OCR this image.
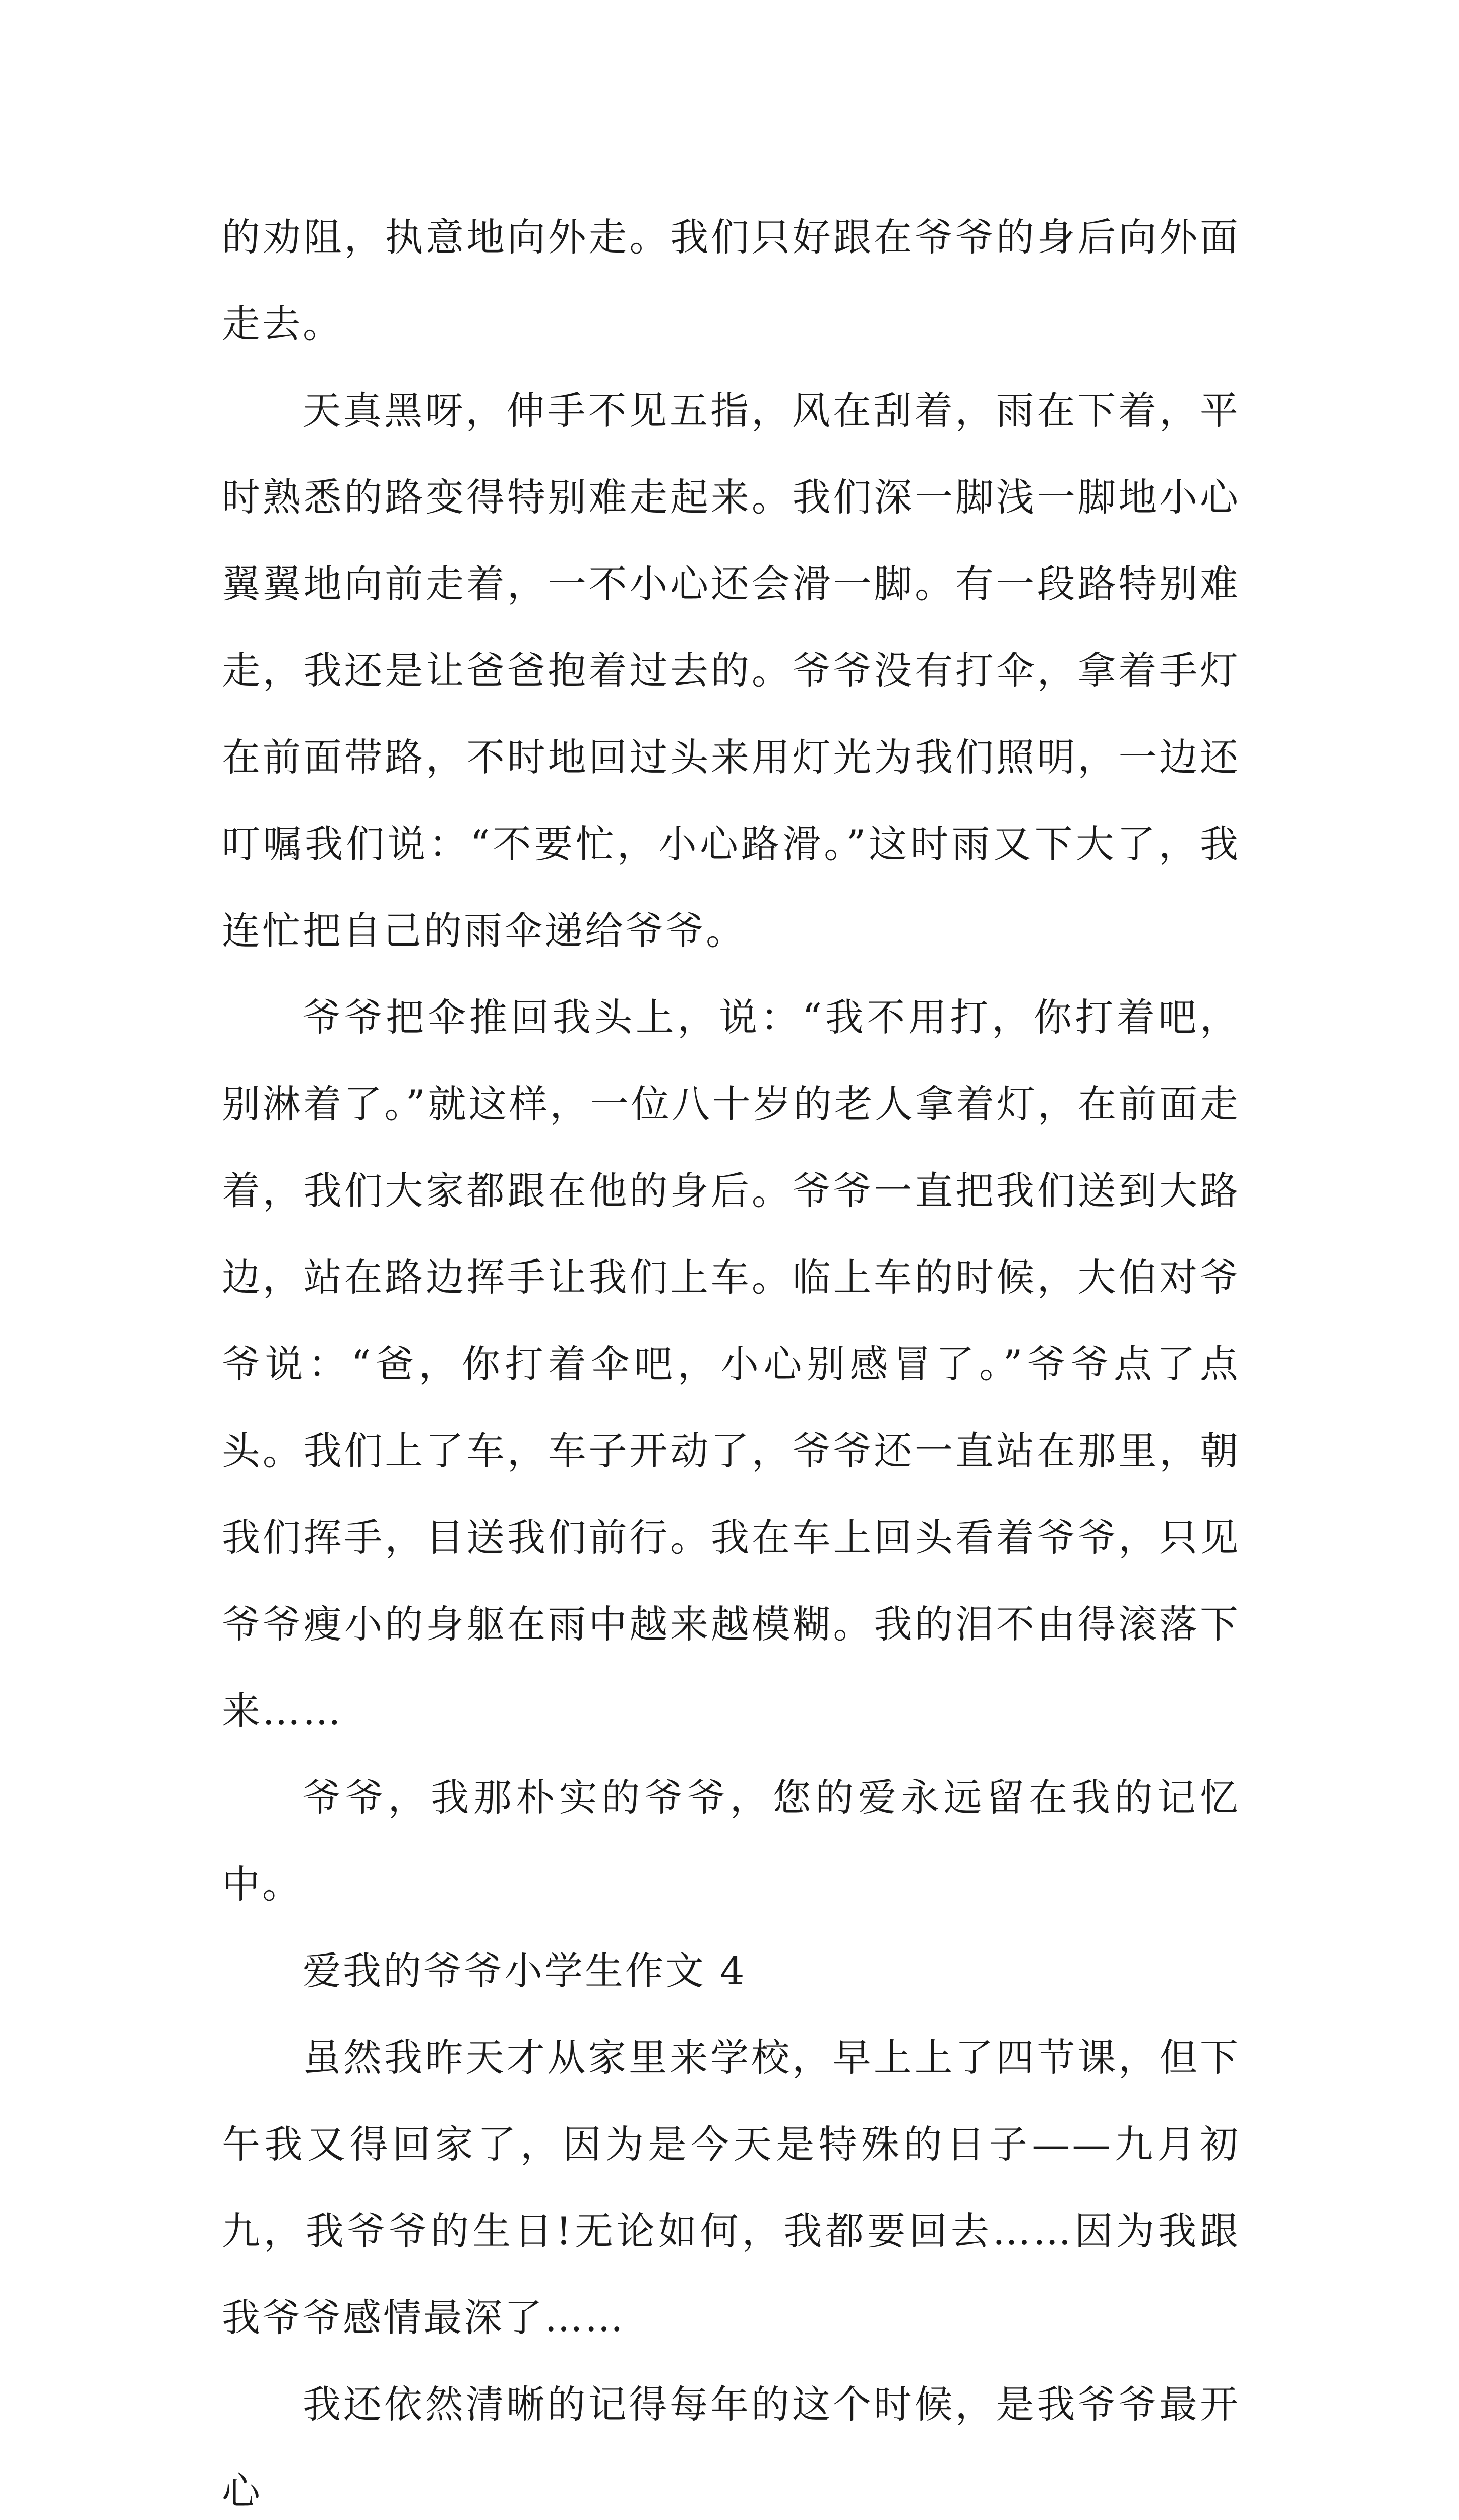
的劝阻，执意地向外走。我们只好跟在爷爷的身后向外面走去。

天真黑呀，伸手不见五指，风在刮着，雨在下着，平时熟悉的路变得特别难走起来。我们深一脚浅一脚地小心翼翼地向前走着，一不小心还会滑一脚。有一段路特别难走，我还是让爸爸抱着过去的。爷爷没有打伞，拿着手灯在前面带路，不时地回过头来用灯光为我们照明，一边还叮嘱我们说：“不要忙，小心路滑。”这时雨又下大了，我连忙把自己的雨伞递给爷爷。

爷爷把伞推回我头上，说：“我不用打，你打着吧，别淋着了。”就这样，一位八十岁的老人拿着灯，在前面走着，我们大家都跟在他的身后。爷爷一直把我们送到大路边，站在路边挥手让我们上车。临上车的时候，大伯对爷爷说：“爸，你打着伞吧，小心别感冒了。”爷爷点了点头。我们上了车，车子开动了，爷爷还一直站在那里，朝我们挥手，目送我们前行。我在车上回头看着爷爷，只见爷爷瘦小的身躯在雨中越来越模糊。我的泪不由得滚落下来……

爷爷，我那朴实的爷爷，您的爱永远留在我的记忆中。

爱我的爷爷小学生作文 4

虽然我昨天才从家里来学校，早上上了四节课，但下午我又得回家了，因为是今天是特殊的日子——九月初九，我爷爷的生日!无论如何，我都要回去……因为我跟我爷爷感情最深了……

我还依然清晰的记得每年的这个时候，是我爷爷最开心
